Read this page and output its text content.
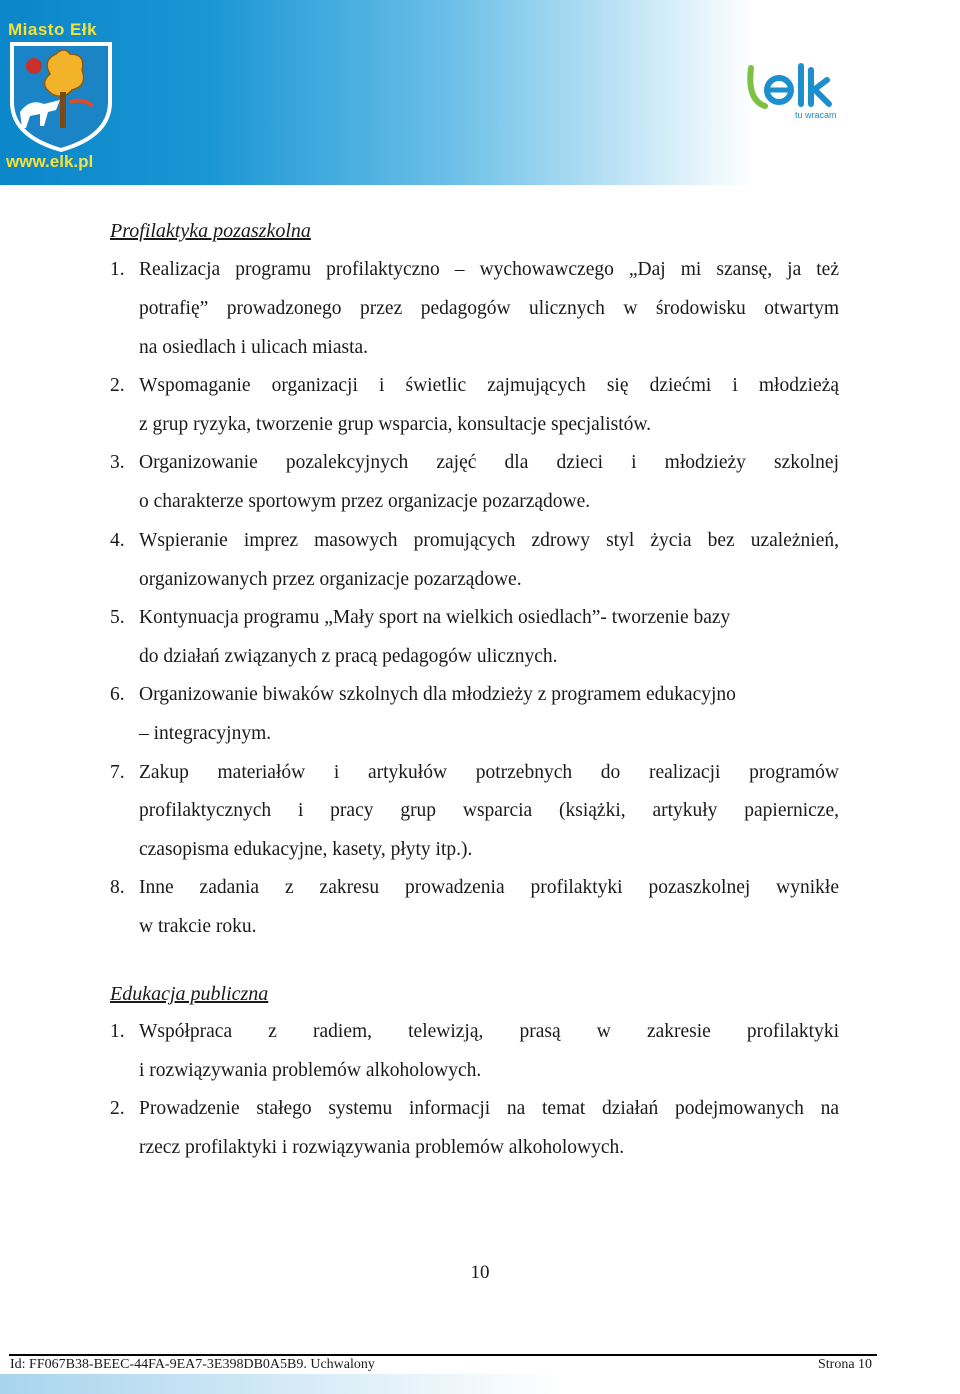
Miasto Ełk
www.elk.pl
tu wracam
Profilaktyka pozaszkolna
1. Realizacja programu profilaktyczno – wychowawczego „Daj mi szansę, ja też
potrafię” prowadzonego przez pedagogów ulicznych w środowisku otwartym
na osiedlach i ulicach miasta.
2. Wspomaganie organizacji i świetlic zajmujących się dziećmi i młodzieżą
z grup ryzyka, tworzenie grup wsparcia, konsultacje specjalistów.
3. Organizowanie pozalekcyjnych zajęć dla dzieci i młodzieży szkolnej
o charakterze sportowym przez organizacje pozarządowe.
4. Wspieranie imprez masowych promujących zdrowy styl życia bez uzależnień,
organizowanych przez organizacje pozarządowe.
5. Kontynuacja programu „Mały sport na wielkich osiedlach”- tworzenie bazy
do działań związanych z pracą pedagogów ulicznych.
6. Organizowanie biwaków szkolnych dla młodzieży z programem edukacyjno
– integracyjnym.
7. Zakup materiałów i artykułów potrzebnych do realizacji programów
profilaktycznych i pracy grup wsparcia (książki, artykuły papiernicze,
czasopisma edukacyjne, kasety, płyty itp.).
8. Inne zadania z zakresu prowadzenia profilaktyki pozaszkolnej wynikłe
w trakcie roku.
Edukacja publiczna
1. Współpraca z radiem, telewizją, prasą w zakresie profilaktyki
i rozwiązywania problemów alkoholowych.
2. Prowadzenie stałego systemu informacji na temat działań podejmowanych na
rzecz profilaktyki i rozwiązywania problemów alkoholowych.
10
Id: FF067B38-BEEC-44FA-9EA7-3E398DB0A5B9. Uchwalony	Strona 10
